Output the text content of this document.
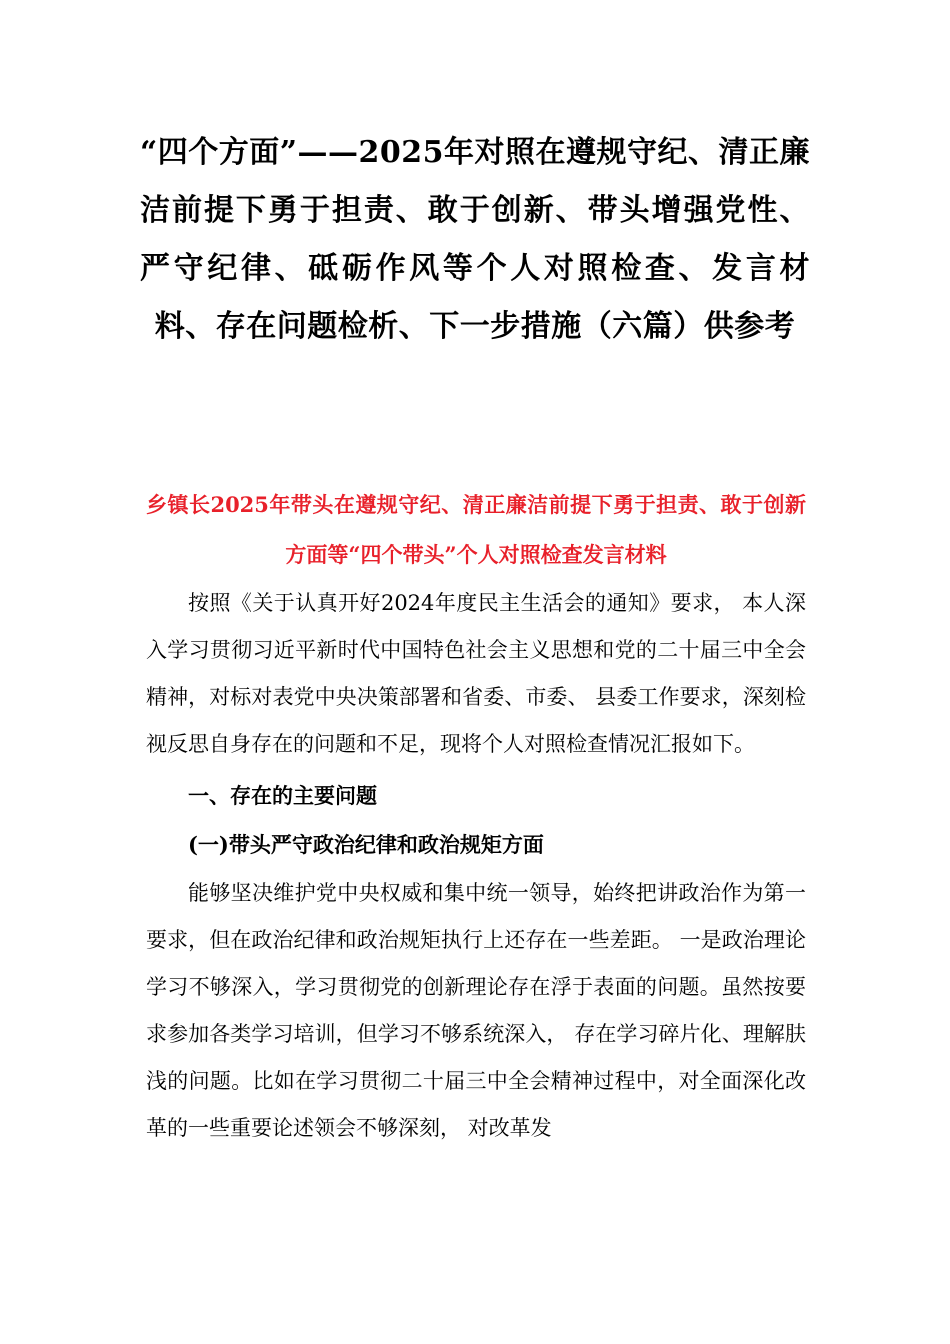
“四个方面”——2025年对照在遵规守纪、清正廉洁前提下勇于担责、敢于创新、带头增强党性、严守纪律、砥砺作风等个人对照检查、发言材料、存在问题检析、下一步措施（六篇）供参考
乡镇长2025年带头在遵规守纪、清正廉洁前提下勇于担责、敢于创新方面等“四个带头”个人对照检查发言材料

按照《关于认真开好2024年度民主生活会的通知》要求， 本人深入学习贯彻习近平新时代中国特色社会主义思想和党的二十届三中全会精神，对标对表党中央决策部署和省委、市委、 县委工作要求，深刻检视反思自身存在的问题和不足，现将个人对照检查情况汇报如下。

一、存在的主要问题

(一)带头严守政治纪律和政治规矩方面

能够坚决维护党中央权威和集中统一领导，始终把讲政治作为第一要求，但在政治纪律和政治规矩执行上还存在一些差距。 一是政治理论学习不够深入，学习贯彻党的创新理论存在浮于表面的问题。虽然按要求参加各类学习培训，但学习不够系统深入， 存在学习碎片化、理解肤浅的问题。比如在学习贯彻二十届三中全会精神过程中，对全面深化改革的一些重要论述领会不够深刻， 对改革发
